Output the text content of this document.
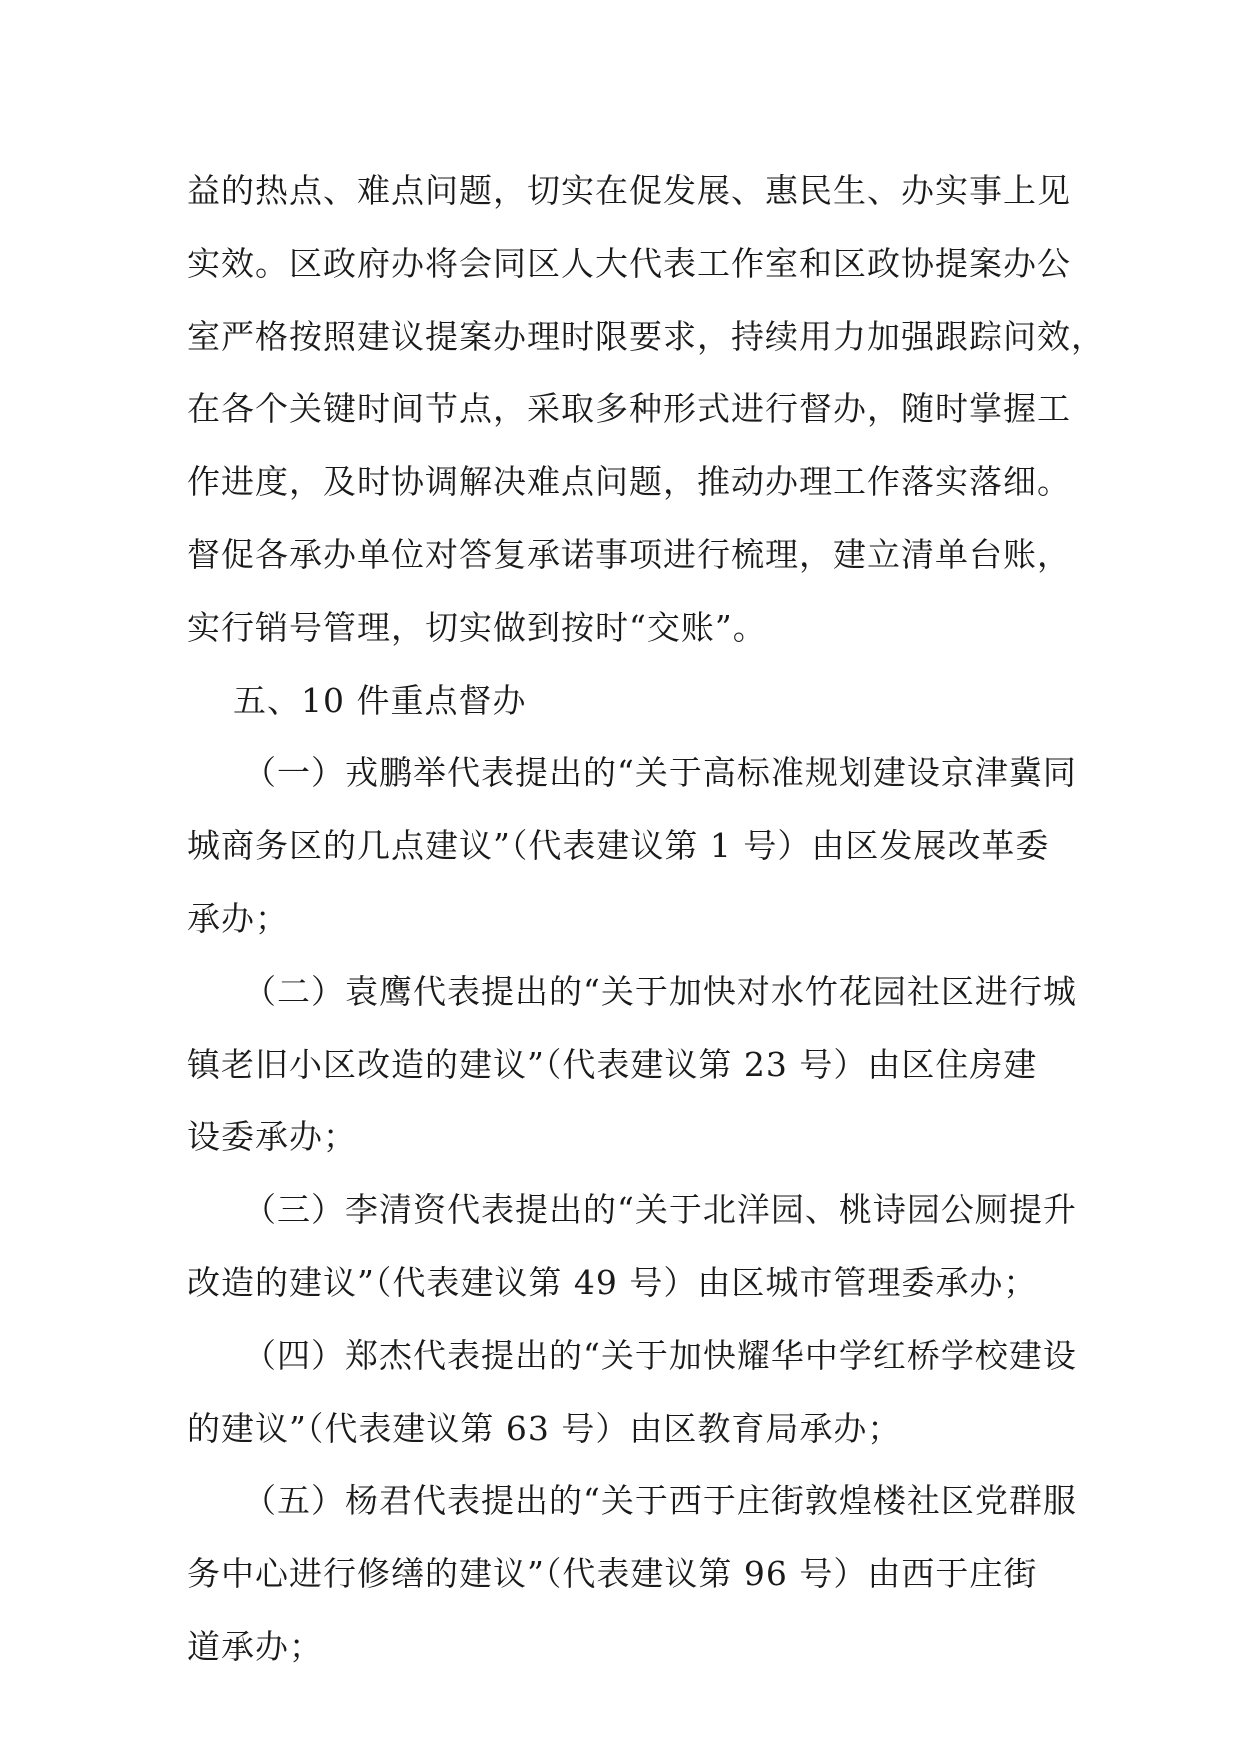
益的热点、难点问题，切实在促发展、惠民生、办实事上见
实效。区政府办将会同区人大代表工作室和区政协提案办公
室严格按照建议提案办理时限要求，持续用力加强跟踪问效，
在各个关键时间节点，采取多种形式进行督办，随时掌握工
作进度，及时协调解决难点问题，推动办理工作落实落细。
督促各承办单位对答复承诺事项进行梳理，建立清单台账，
实行销号管理，切实做到按时“交账”。
五、10 件重点督办
（一）戎鹏举代表提出的“关于高标准规划建设京津冀同
城商务区的几点建议”（代表建议第 1 号）由区发展改革委
承办；
（二）袁鹰代表提出的“关于加快对水竹花园社区进行城
镇老旧小区改造的建议”（代表建议第 23 号）由区住房建
设委承办；
（三）李清资代表提出的“关于北洋园、桃诗园公厕提升
改造的建议”（代表建议第 49 号）由区城市管理委承办；
（四）郑杰代表提出的“关于加快耀华中学红桥学校建设
的建议”（代表建议第 63 号）由区教育局承办；
（五）杨君代表提出的“关于西于庄街敦煌楼社区党群服
务中心进行修缮的建议”（代表建议第 96 号）由西于庄街
道承办；
